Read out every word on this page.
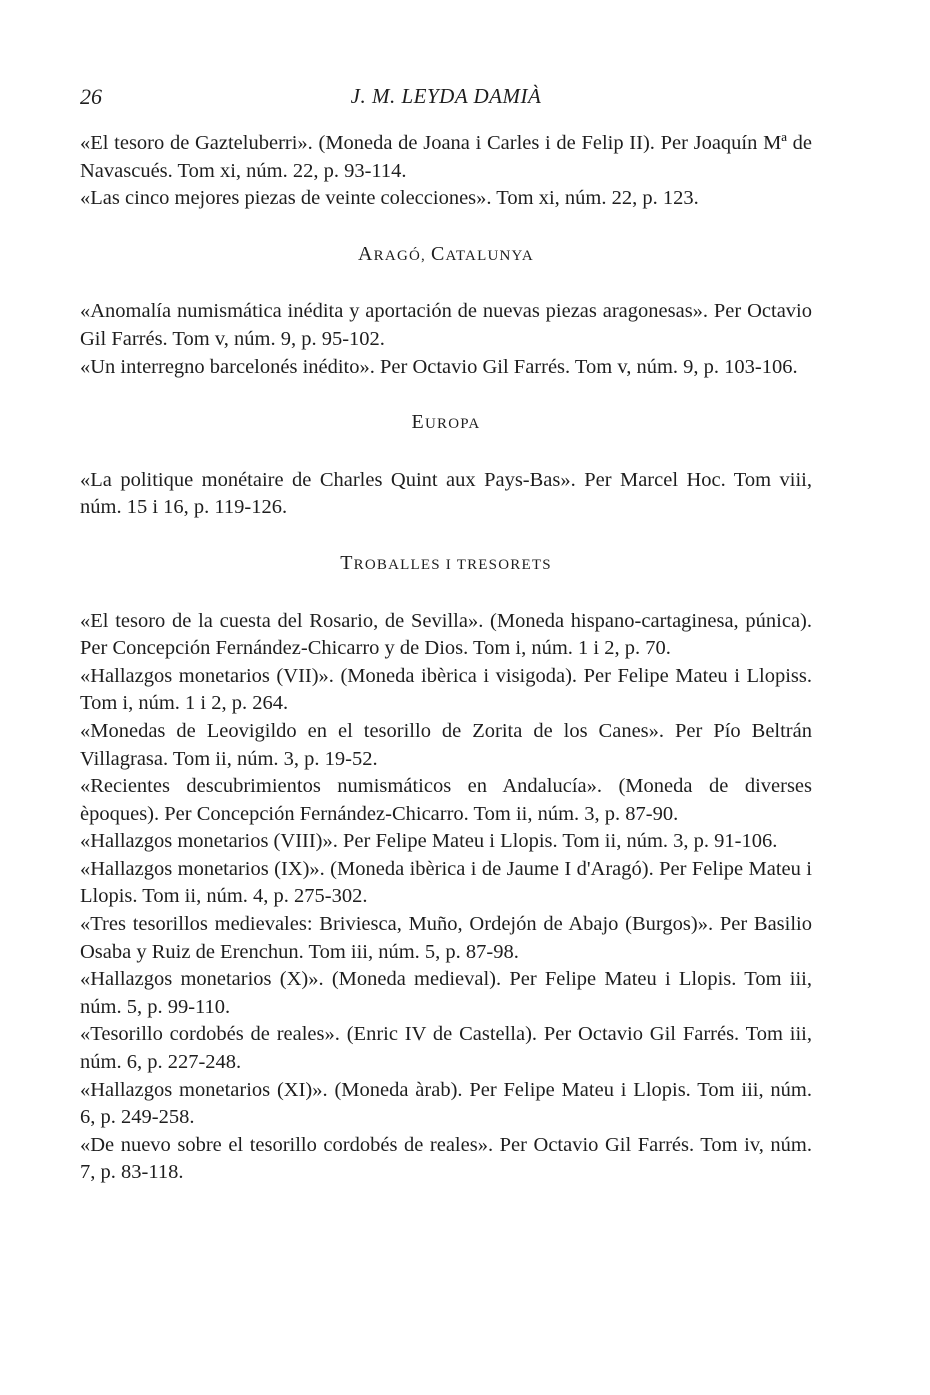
26	J. M. LEYDA DAMIÀ

«El tesoro de Gazteluberri». (Moneda de Joana i Carles i de Felip II). Per Joaquín Mª de Navascués. Tom xi, núm. 22, p. 93-114.

«Las cinco mejores piezas de veinte colecciones». Tom xi, núm. 22, p. 123.

ARAGÓ, CATALUNYA

«Anomalía numismática inédita y aportación de nuevas piezas aragonesas». Per Octavio Gil Farrés. Tom v, núm. 9, p. 95-102.

«Un interregno barcelonés inédito». Per Octavio Gil Farrés. Tom v, núm. 9, p. 103-106.

EUROPA

«La politique monétaire de Charles Quint aux Pays-Bas». Per Marcel Hoc. Tom viii, núm. 15 i 16, p. 119-126.

TROBALLES I TRESORETS

«El tesoro de la cuesta del Rosario, de Sevilla». (Moneda hispano-cartaginesa, púnica). Per Concepción Fernández-Chicarro y de Dios. Tom i, núm. 1 i 2, p. 70.

«Hallazgos monetarios (VII)». (Moneda ibèrica i visigoda). Per Felipe Mateu i Llopiss. Tom i, núm. 1 i 2, p. 264.

«Monedas de Leovigildo en el tesorillo de Zorita de los Canes». Per Pío Beltrán Villagrasa. Tom ii, núm. 3, p. 19-52.

«Recientes descubrimientos numismáticos en Andalucía». (Moneda de diverses èpoques). Per Concepción Fernández-Chicarro. Tom ii, núm. 3, p. 87-90.

«Hallazgos monetarios (VIII)». Per Felipe Mateu i Llopis. Tom ii, núm. 3, p. 91-106.

«Hallazgos monetarios (IX)». (Moneda ibèrica i de Jaume I d'Aragó). Per Felipe Mateu i Llopis. Tom ii, núm. 4, p. 275-302.

«Tres tesorillos medievales: Briviesca, Muño, Ordejón de Abajo (Burgos)». Per Basilio Osaba y Ruiz de Erenchun. Tom iii, núm. 5, p. 87-98.

«Hallazgos monetarios (X)». (Moneda medieval). Per Felipe Mateu i Llopis. Tom iii, núm. 5, p. 99-110.

«Tesorillo cordobés de reales». (Enric IV de Castella). Per Octavio Gil Farrés. Tom iii, núm. 6, p. 227-248.

«Hallazgos monetarios (XI)». (Moneda àrab). Per Felipe Mateu i Llopis. Tom iii, núm. 6, p. 249-258.

«De nuevo sobre el tesorillo cordobés de reales». Per Octavio Gil Farrés. Tom iv, núm. 7, p. 83-118.
